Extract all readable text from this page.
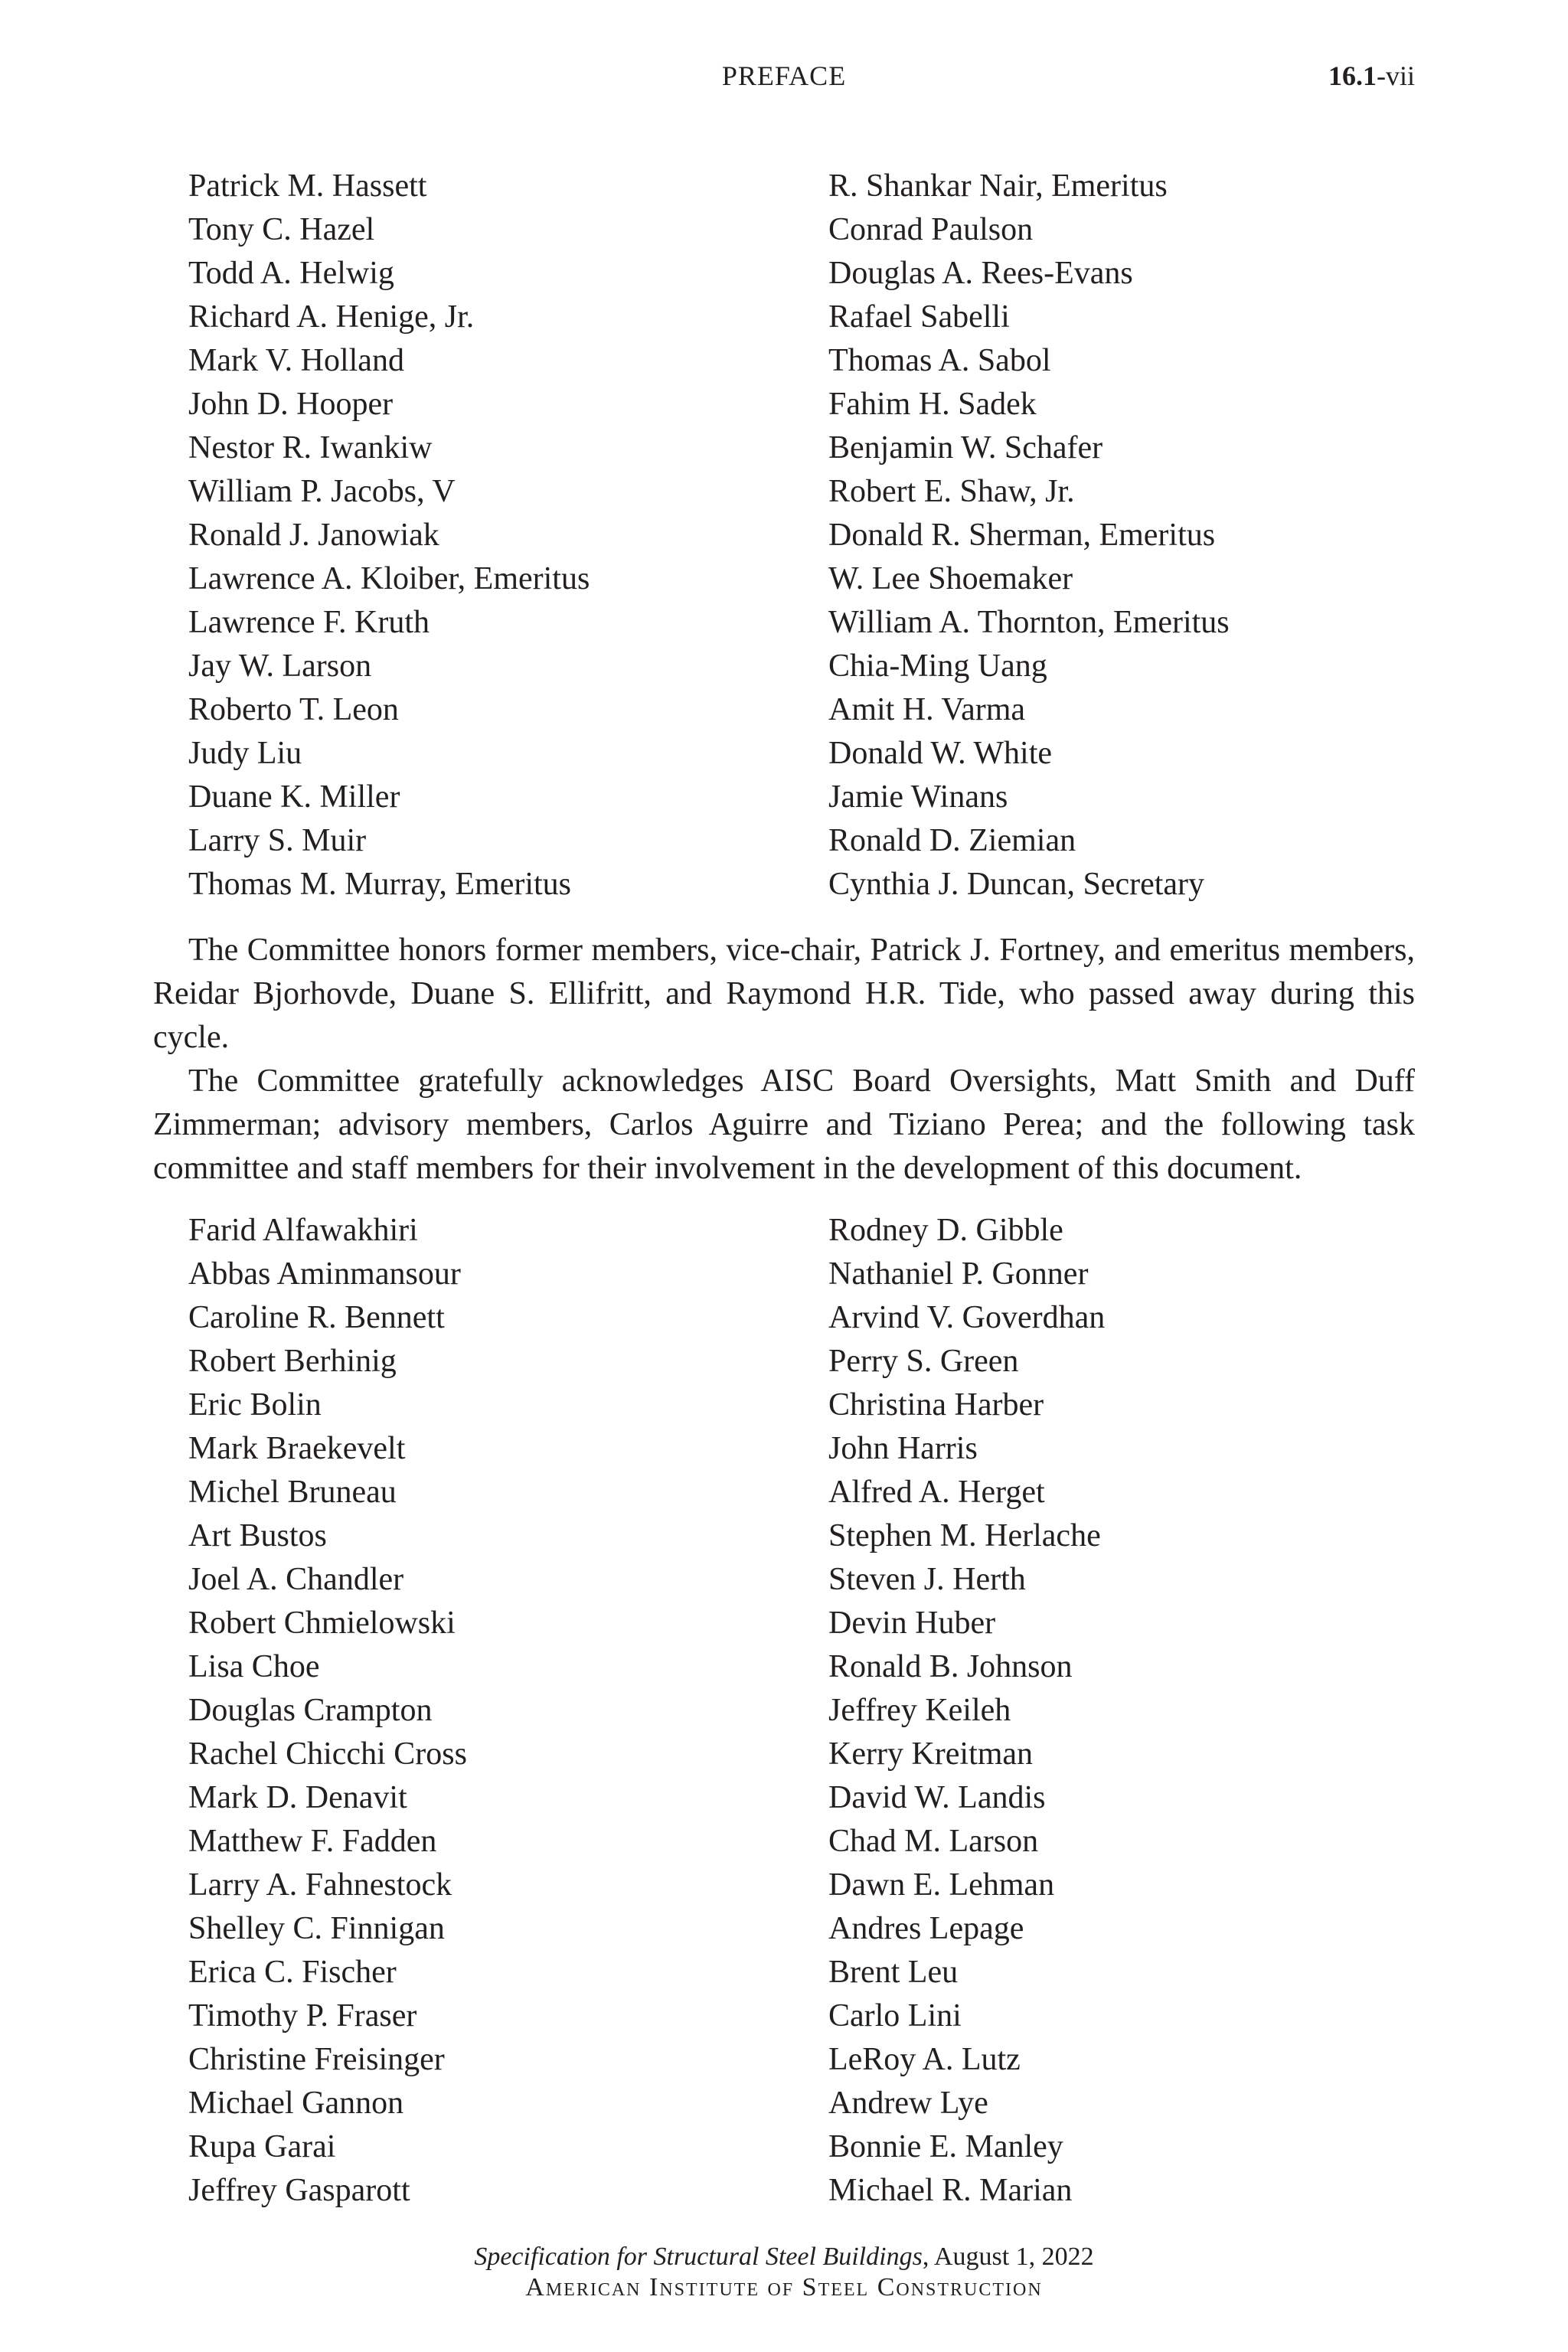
PREFACE	16.1-vii
Patrick M. Hassett	R. Shankar Nair, Emeritus
Tony C. Hazel	Conrad Paulson
Todd A. Helwig	Douglas A. Rees-Evans
Richard A. Henige, Jr.	Rafael Sabelli
Mark V. Holland	Thomas A. Sabol
John D. Hooper	Fahim H. Sadek
Nestor R. Iwankiw	Benjamin W. Schafer
William P. Jacobs, V	Robert E. Shaw, Jr.
Ronald J. Janowiak	Donald R. Sherman, Emeritus
Lawrence A. Kloiber, Emeritus	W. Lee Shoemaker
Lawrence F. Kruth	William A. Thornton, Emeritus
Jay W. Larson	Chia-Ming Uang
Roberto T. Leon	Amit H. Varma
Judy Liu	Donald W. White
Duane K. Miller	Jamie Winans
Larry S. Muir	Ronald D. Ziemian
Thomas M. Murray, Emeritus	Cynthia J. Duncan, Secretary

The Committee honors former members, vice-chair, Patrick J. Fortney, and emeritus members, Reidar Bjorhovde, Duane S. Ellifritt, and Raymond H.R. Tide, who passed away during this cycle.

The Committee gratefully acknowledges AISC Board Oversights, Matt Smith and Duff Zimmerman; advisory members, Carlos Aguirre and Tiziano Perea; and the following task committee and staff members for their involvement in the development of this document.

Farid Alfawakhiri	Rodney D. Gibble
Abbas Aminmansour	Nathaniel P. Gonner
Caroline R. Bennett	Arvind V. Goverdhan
Robert Berhinig	Perry S. Green
Eric Bolin	Christina Harber
Mark Braekevelt	John Harris
Michel Bruneau	Alfred A. Herget
Art Bustos	Stephen M. Herlache
Joel A. Chandler	Steven J. Herth
Robert Chmielowski	Devin Huber
Lisa Choe	Ronald B. Johnson
Douglas Crampton	Jeffrey Keileh
Rachel Chicchi Cross	Kerry Kreitman
Mark D. Denavit	David W. Landis
Matthew F. Fadden	Chad M. Larson
Larry A. Fahnestock	Dawn E. Lehman
Shelley C. Finnigan	Andres Lepage
Erica C. Fischer	Brent Leu
Timothy P. Fraser	Carlo Lini
Christine Freisinger	LeRoy A. Lutz
Michael Gannon	Andrew Lye
Rupa Garai	Bonnie E. Manley
Jeffrey Gasparott	Michael R. Marian
Specification for Structural Steel Buildings, August 1, 2022
American Institute of Steel Construction
